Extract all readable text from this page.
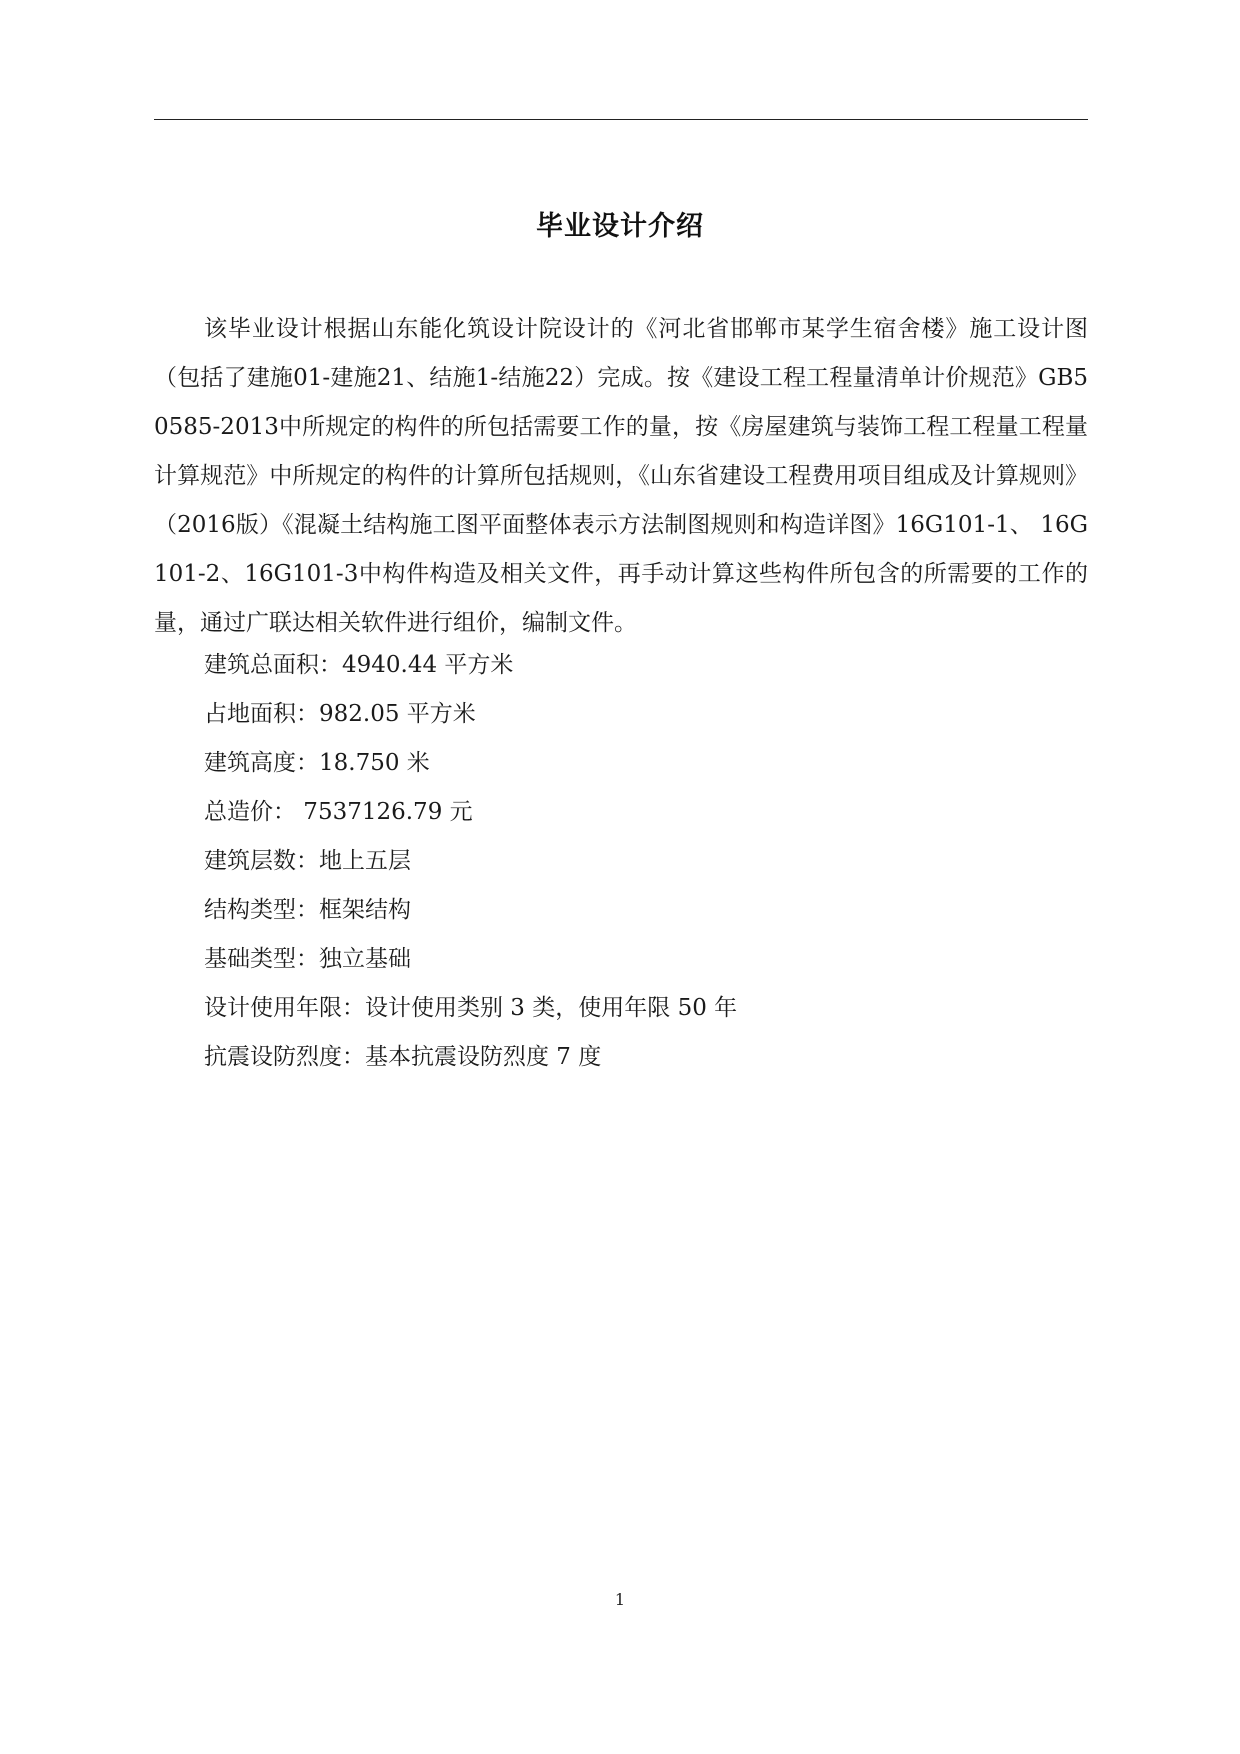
毕业设计介绍

该毕业设计根据山东能化筑设计院设计的《河北省邯郸市某学生宿舍楼》施工设计图（包括了建施01-建施21、结施1-结施22）完成。按《建设工程工程量清单计价规范》GB50585-2013中所规定的构件的所包括需要工作的量，按《房屋建筑与装饰工程工程量工程量计算规范》中所规定的构件的计算所包括规则，《山东省建设工程费用项目组成及计算规则》（2016版）《混凝土结构施工图平面整体表示方法制图规则和构造详图》16G101-1、 16G101-2、16G101-3中构件构造及相关文件，再手动计算这些构件所包含的所需要的工作的量，通过广联达相关软件进行组价，编制文件。

建筑总面积：4940.44 平方米
占地面积：982.05 平方米
建筑高度：18.750 米
总造价： 7537126.79 元
建筑层数：地上五层
结构类型：框架结构
基础类型：独立基础
设计使用年限：设计使用类别 3 类，使用年限 50 年
抗震设防烈度：基本抗震设防烈度 7 度
1
